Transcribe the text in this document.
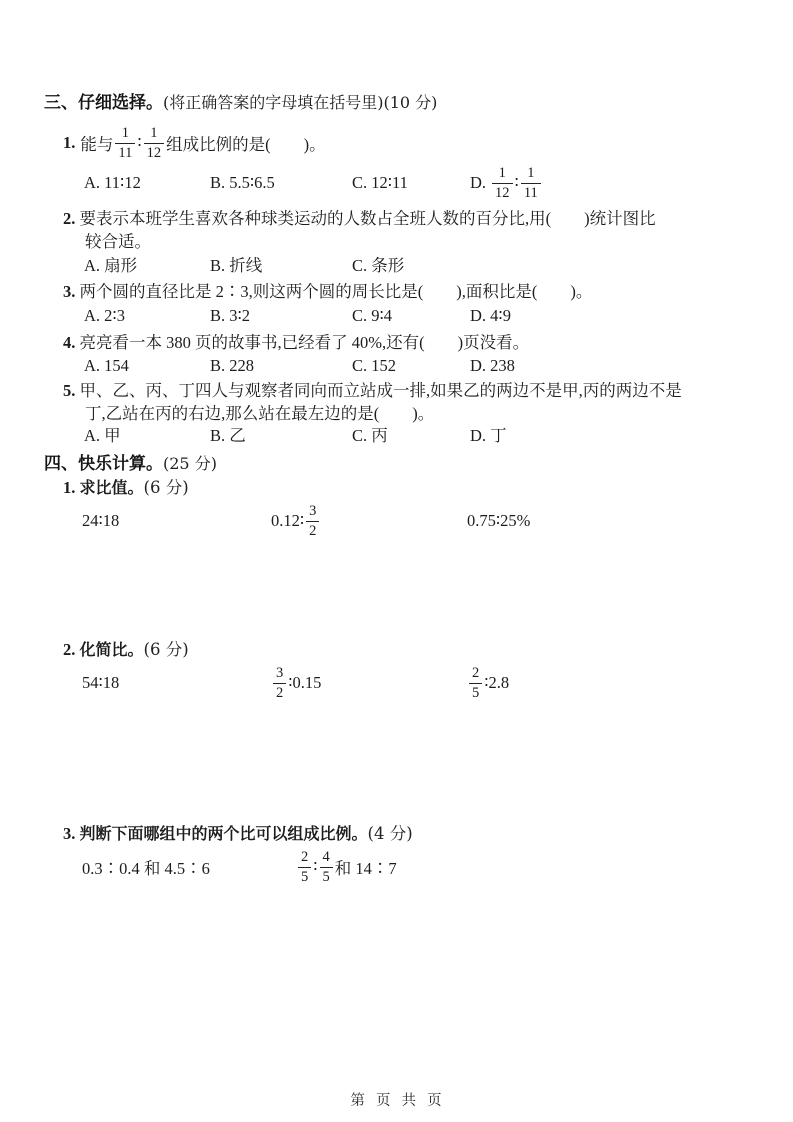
三、仔细选择。(将正确答案的字母填在括号里)(10 分)
1. 能与 $\frac{1}{11}$ ∶ $\frac{1}{12}$ 组成比例的是(        )。
A. 11∶12	B. 5.5∶6.5	C. 12∶11	D. $\frac{1}{12}$ ∶ $\frac{1}{11}$

2. 要表示本班学生喜欢各种球类运动的人数占全班人数的百分比,用(        )统计图比
较合适。

A. 扇形	B. 折线	C. 条形

3. 两个圆的直径比是 2∶3,则这两个圆的周长比是(        ),面积比是(        )。

A. 2∶3	B. 3∶2	C. 9∶4	D. 4∶9

4. 亮亮看一本 380 页的故事书,已经看了 40%,还有(        )页没看。

A. 154	B. 228	C. 152	D. 238

5. 甲、乙、丙、丁四人与观察者同向而立站成一排,如果乙的两边不是甲,丙的两边不是
丁,乙站在丙的右边,那么站在最左边的是(        )。

A. 甲	B. 乙	C. 丙	D. 丁
四、快乐计算。(25 分)

1. 求比值。(6 分)

24∶18	0.12∶ $\frac{3}{2}$	0.75∶25%

2. 化简比。(6 分)

54∶18	$\frac{3}{2}$ ∶0.15	$\frac{2}{5}$ ∶2.8

3. 判断下面哪组中的两个比可以组成比例。(4 分)

0.3∶0.4 和 4.5∶6	$\frac{2}{5}$ ∶ $\frac{4}{5}$ 和 14∶7
第  页  共  页
